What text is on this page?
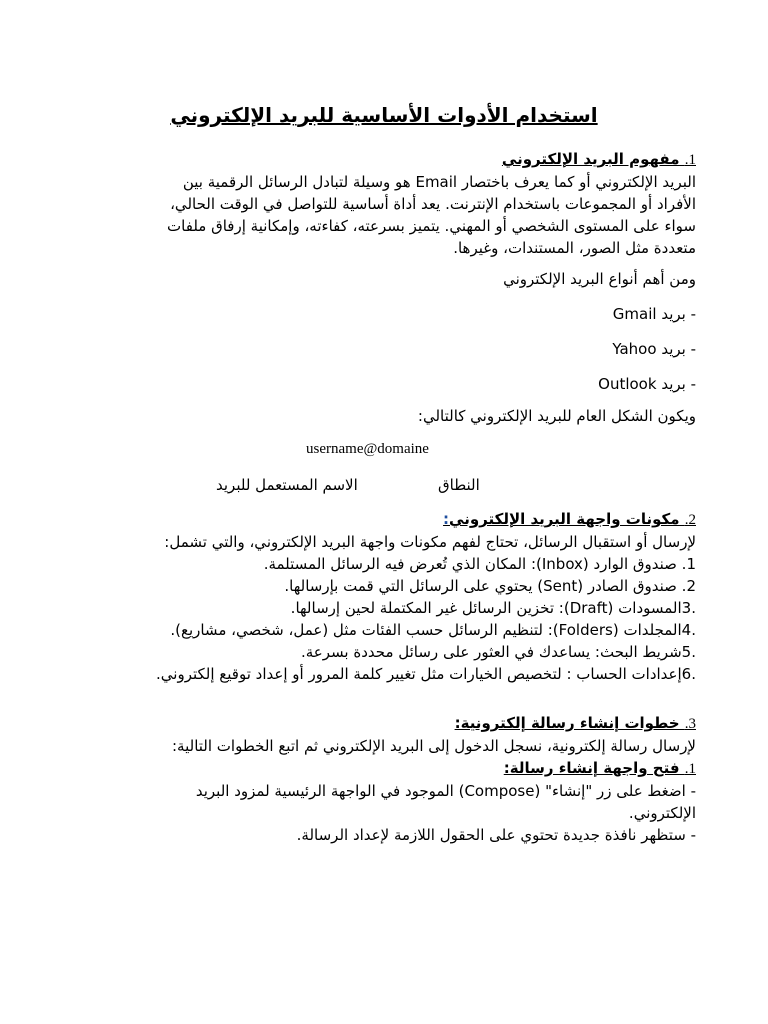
استخدام الأدوات الأساسية للبريد الإلكتروني
1. مفهوم البريد الإلكتروني
البريد الإلكتروني أو كما يعرف باختصار Email هو وسيلة لتبادل الرسائل الرقمية بين
الأفراد أو المجموعات باستخدام الإنترنت. يعد أداة أساسية للتواصل في الوقت الحالي،
سواء على المستوى الشخصي أو المهني. يتميز بسرعته، كفاءته، وإمكانية إرفاق ملفات
متعددة مثل الصور، المستندات، وغيرها.

ومن أهم أنواع البريد الإلكتروني

- بريد Gmail

- بريد Yahoo

- بريد Outlook

ويكون الشكل العام للبريد الإلكتروني كالتالي:

username@domaine
النطاق
الاسم المستعمل للبريد
2. مكونات واجهة البريد الإلكتروني:
لإرسال أو استقبال الرسائل، تحتاج لفهم مكونات واجهة البريد الإلكتروني، والتي تشمل:
1. صندوق الوارد (Inbox): المكان الذي تُعرض فيه الرسائل المستلمة.
2. صندوق الصادر (Sent) يحتوي على الرسائل التي قمت بإرسالها.
.3المسودات (Draft): تخزين الرسائل غير المكتملة لحين إرسالها.
.4المجلدات (Folders): لتنظيم الرسائل حسب الفئات مثل (عمل، شخصي، مشاريع).
.5شريط البحث: يساعدك في العثور على رسائل محددة بسرعة.
.6إعدادات الحساب : لتخصيص الخيارات مثل تغيير كلمة المرور أو إعداد توقيع إلكتروني.
3. خطوات إنشاء رسالة إلكترونية:
لإرسال رسالة إلكترونية، نسجل الدخول إلى البريد الإلكتروني ثم اتبع الخطوات التالية:
1. فتح واجهة إنشاء رسالة:
- اضغط على زر "إنشاء" (Compose) الموجود في الواجهة الرئيسية لمزود البريد
الإلكتروني.
- ستظهر نافذة جديدة تحتوي على الحقول اللازمة لإعداد الرسالة.
